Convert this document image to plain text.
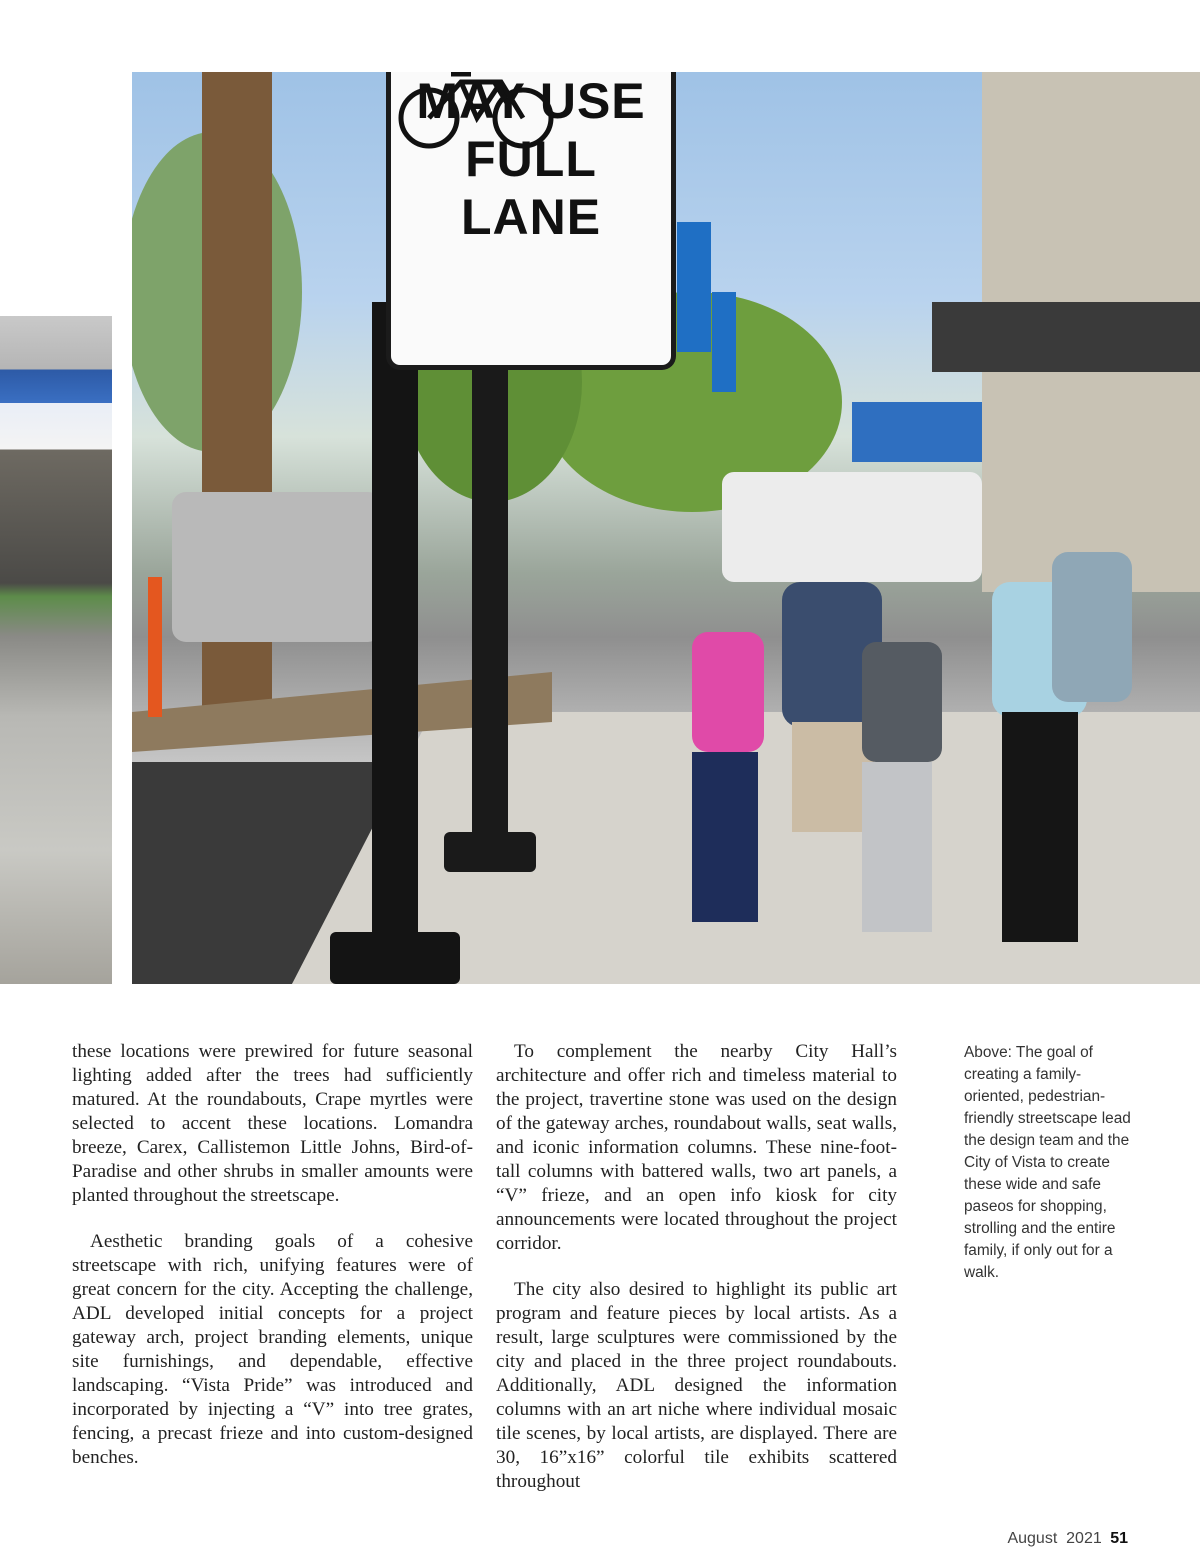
MAY USE
FULL LANE

these locations were prewired for future seasonal lighting added after the trees had sufficiently matured. At the roundabouts, Crape myrtles were selected to accent these locations. Lomandra breeze, Carex, Callistemon Little Johns, Bird-of-Paradise and other shrubs in smaller amounts were planted throughout the streetscape.

Aesthetic branding goals of a cohesive streetscape with rich, unifying features were of great concern for the city. Accepting the challenge, ADL developed initial concepts for a project gateway arch, project branding elements, unique site furnishings, and dependable, effective landscaping. “Vista Pride” was introduced and incorporated by injecting a “V” into tree grates, fencing, a precast frieze and into custom-designed benches.

To complement the nearby City Hall’s architecture and offer rich and timeless material to the project, travertine stone was used on the design of the gateway arches, roundabout walls, seat walls, and iconic information columns. These nine-foot-tall columns with battered walls, two art panels, a “V” frieze, and an open info kiosk for city announcements were located throughout the project corridor.

The city also desired to highlight its public art program and feature pieces by local artists. As a result, large sculptures were commissioned by the city and placed in the three project roundabouts. Additionally, ADL designed the information columns with an art niche where individual mosaic tile scenes, by local artists, are displayed. There are 30, 16”x16” colorful tile exhibits scattered throughout

Above: The goal of creating a family-oriented, pedestrian-friendly streetscape lead the design team and the City of Vista to create these wide and safe paseos for shopping, strolling and the entire family, if only out for a walk.
August  2021 51
